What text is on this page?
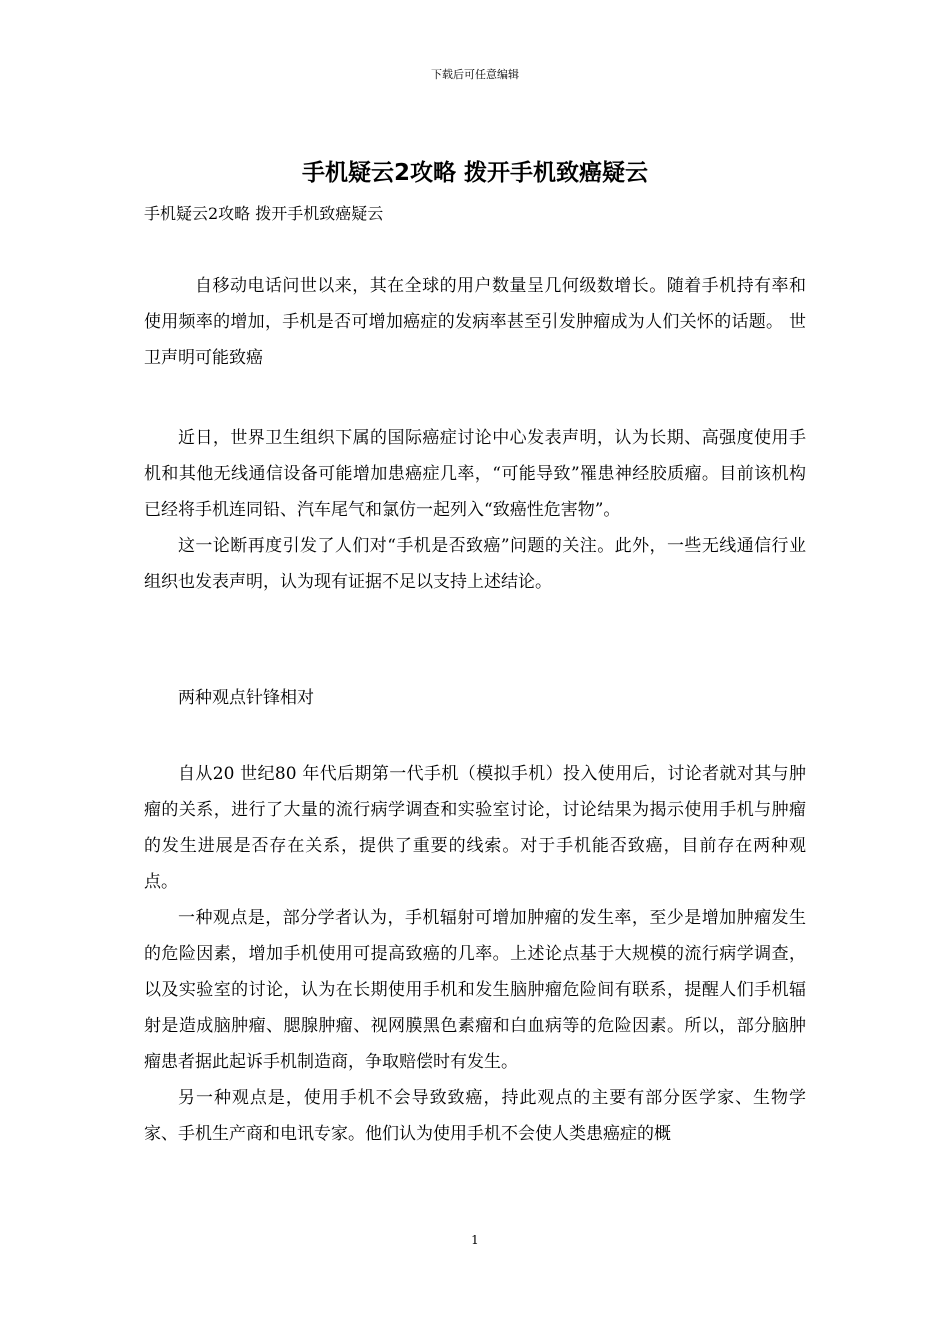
下载后可任意编辑
手机疑云2攻略 拨开手机致癌疑云
手机疑云2攻略 拨开手机致癌疑云

自移动电话问世以来，其在全球的用户数量呈几何级数增长。随着手机持有率和使用频率的增加，手机是否可增加癌症的发病率甚至引发肿瘤成为人们关怀的话题。 世卫声明可能致癌

近日，世界卫生组织下属的国际癌症讨论中心发表声明，认为长期、高强度使用手机和其他无线通信设备可能增加患癌症几率，“可能导致”罹患神经胶质瘤。目前该机构已经将手机连同铅、汽车尾气和氯仿一起列入“致癌性危害物”。

这一论断再度引发了人们对“手机是否致癌”问题的关注。此外，一些无线通信行业组织也发表声明，认为现有证据不足以支持上述结论。

两种观点针锋相对

自从20 世纪80 年代后期第一代手机（模拟手机）投入使用后，讨论者就对其与肿瘤的关系，进行了大量的流行病学调查和实验室讨论，讨论结果为揭示使用手机与肿瘤的发生进展是否存在关系，提供了重要的线索。对于手机能否致癌，目前存在两种观点。

一种观点是，部分学者认为，手机辐射可增加肿瘤的发生率，至少是增加肿瘤发生的危险因素，增加手机使用可提高致癌的几率。上述论点基于大规模的流行病学调查，以及实验室的讨论，认为在长期使用手机和发生脑肿瘤危险间有联系，提醒人们手机辐射是造成脑肿瘤、腮腺肿瘤、视网膜黑色素瘤和白血病等的危险因素。所以，部分脑肿瘤患者据此起诉手机制造商，争取赔偿时有发生。

另一种观点是，使用手机不会导致致癌，持此观点的主要有部分医学家、生物学家、手机生产商和电讯专家。他们认为使用手机不会使人类患癌症的概

1
